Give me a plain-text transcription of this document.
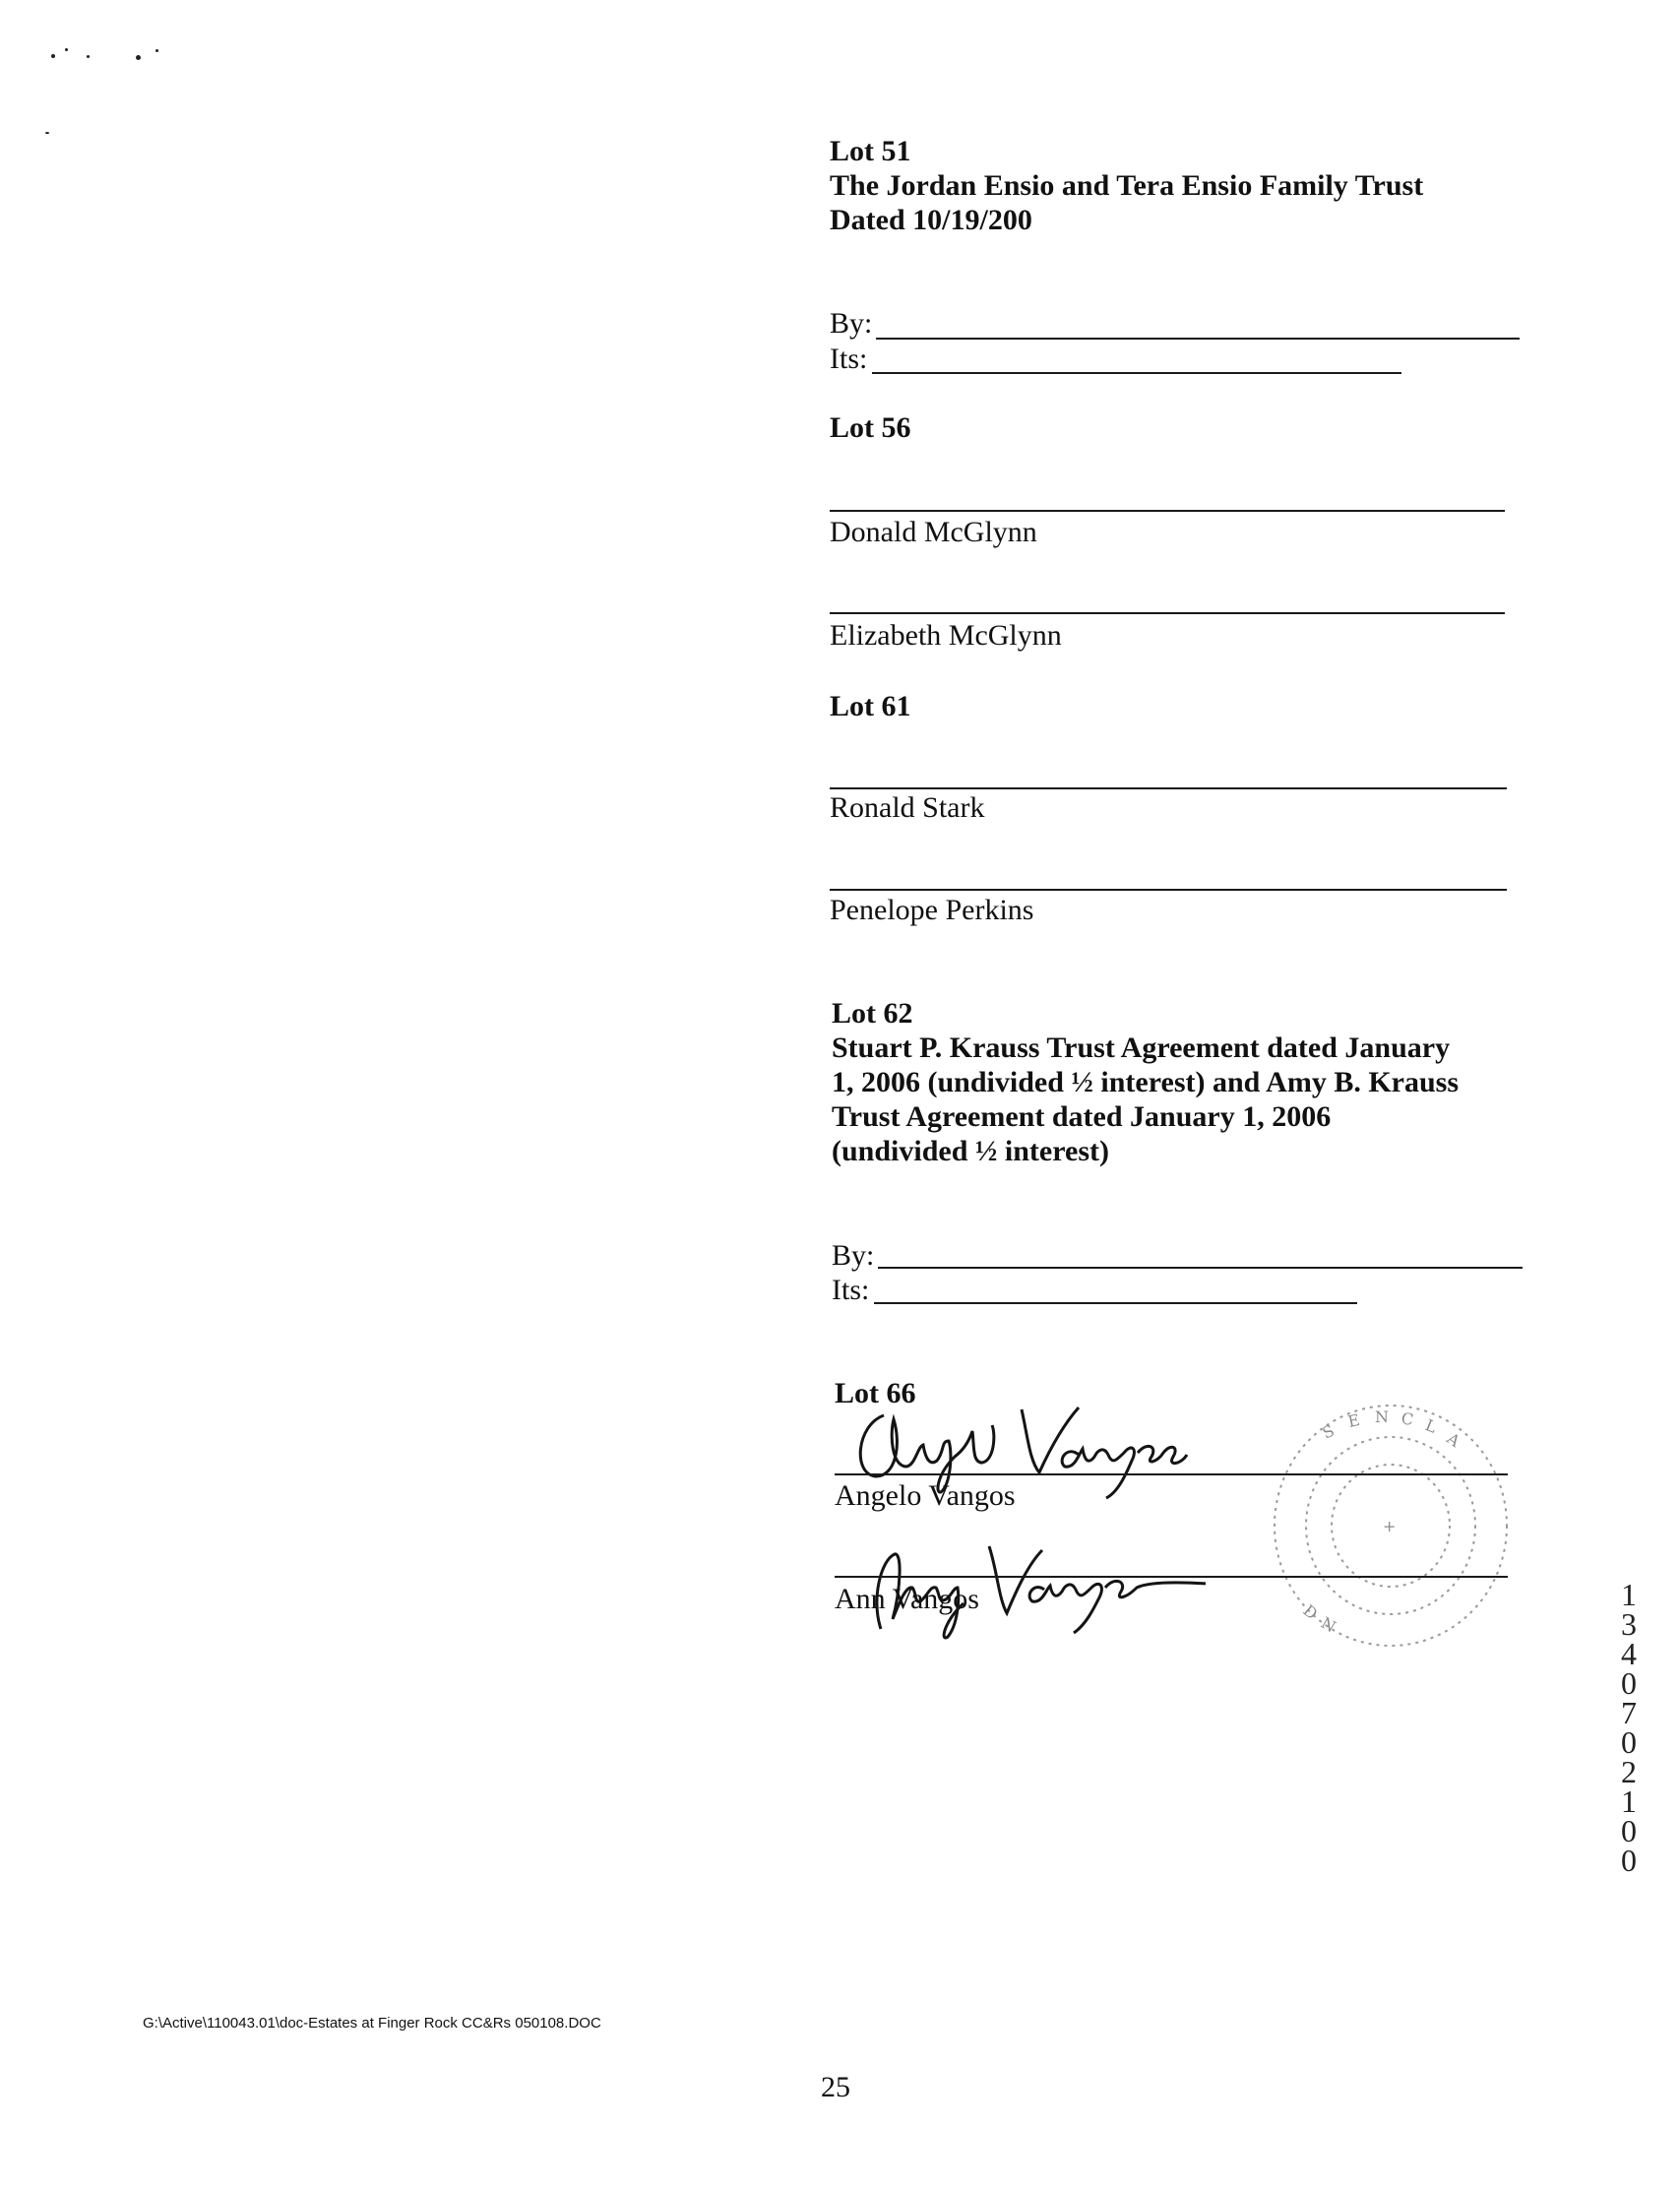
Lot 51
The Jordan Ensio and Tera Ensio Family Trust
Dated 10/19/200
By:
Its:
Lot 56
Donald McGlynn
Elizabeth McGlynn
Lot 61
Ronald Stark
Penelope Perkins
Lot 62
Stuart P. Krauss Trust Agreement dated January
1, 2006 (undivided ½ interest) and Amy B. Krauss
Trust Agreement dated January 1, 2006
(undivided ½ interest)
By:
Its:
Lot 66
S
E N C L
A
D
N
+
Angelo Vangos
Ann Vangos	13407 02100
G:\Active\110043.01\doc-Estates at Finger Rock CC&Rs 050108.DOC
25
